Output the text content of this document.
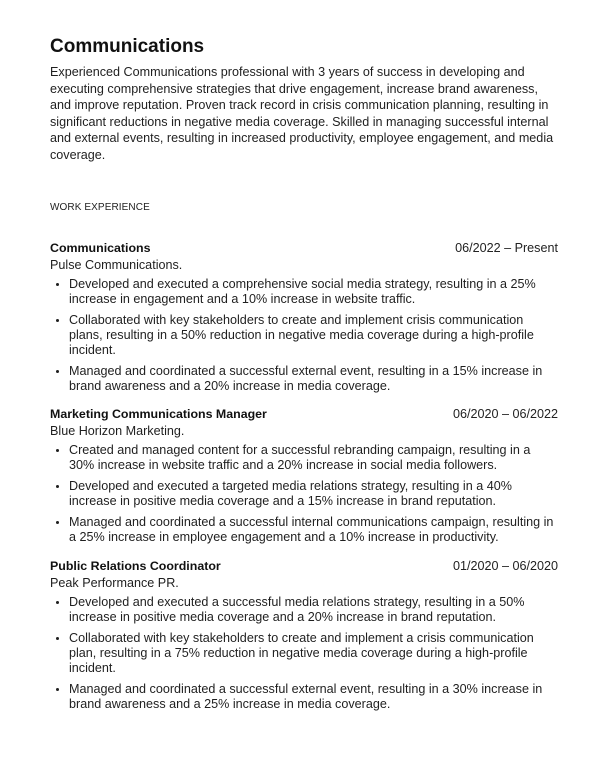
Communications

Experienced Communications professional with 3 years of success in developing and executing comprehensive strategies that drive engagement, increase brand awareness, and improve reputation. Proven track record in crisis communication planning, resulting in significant reductions in negative media coverage. Skilled in managing successful internal and external events, resulting in increased productivity, employee engagement, and media coverage.

WORK EXPERIENCE
Communications	06/2022 – Present
Pulse Communications.
• Developed and executed a comprehensive social media strategy, resulting in a 25% increase in engagement and a 10% increase in website traffic.
• Collaborated with key stakeholders to create and implement crisis communication plans, resulting in a 50% reduction in negative media coverage during a high-profile incident.
• Managed and coordinated a successful external event, resulting in a 15% increase in brand awareness and a 20% increase in media coverage.
Marketing Communications Manager	06/2020 – 06/2022
Blue Horizon Marketing.
• Created and managed content for a successful rebranding campaign, resulting in a 30% increase in website traffic and a 20% increase in social media followers.
• Developed and executed a targeted media relations strategy, resulting in a 40% increase in positive media coverage and a 15% increase in brand reputation.
• Managed and coordinated a successful internal communications campaign, resulting in a 25% increase in employee engagement and a 10% increase in productivity.
Public Relations Coordinator	01/2020 – 06/2020
Peak Performance PR.
• Developed and executed a successful media relations strategy, resulting in a 50% increase in positive media coverage and a 20% increase in brand reputation.
• Collaborated with key stakeholders to create and implement a crisis communication plan, resulting in a 75% reduction in negative media coverage during a high-profile incident.
• Managed and coordinated a successful external event, resulting in a 30% increase in brand awareness and a 25% increase in media coverage.
